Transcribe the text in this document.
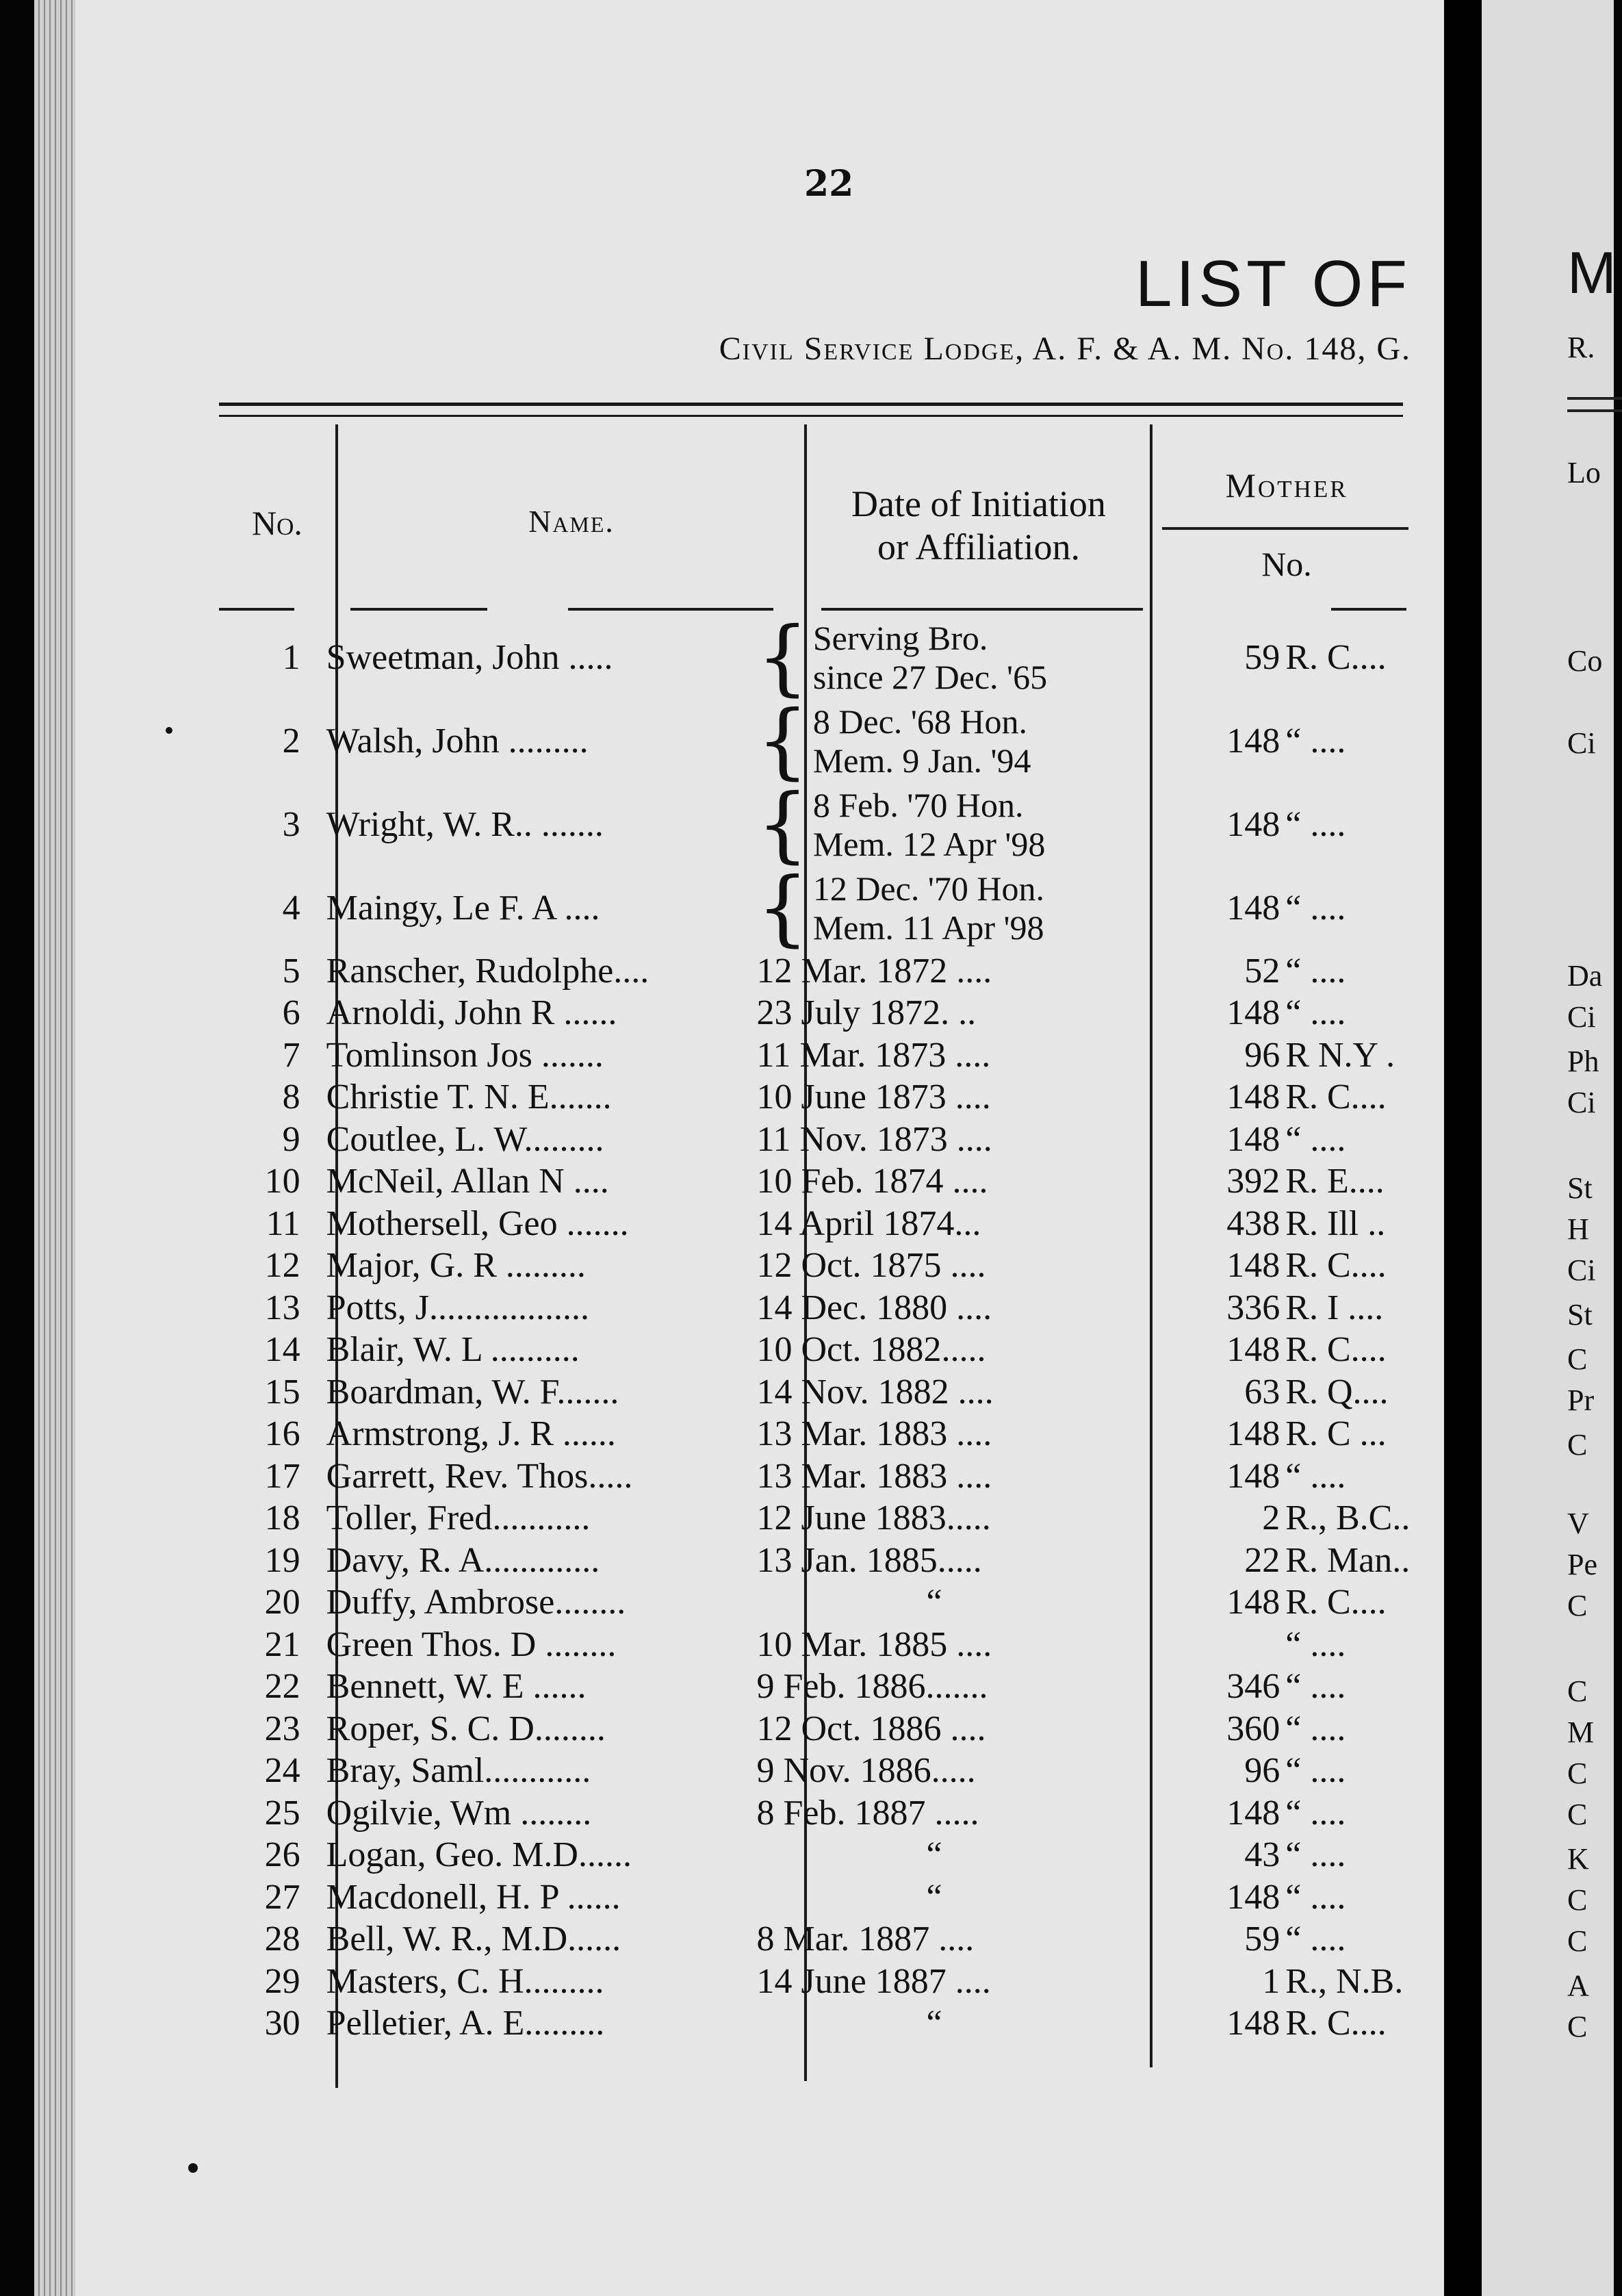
22
LIST OF
Civil Service Lodge, A. F. & A. M. No. 148, G.
No.	Name.	Date of Initiation
or Affiliation.
Mother
No.
1	Sweetman, John .....	{ Serving Bro.
since 27 Dec. '65	59	R. C....
2	Walsh, John .........	{ 8 Dec. '68 Hon.
Mem. 9 Jan. '94	148	“ ....
3	Wright, W. R.. .......	{ 8 Feb. '70 Hon.
Mem. 12 Apr '98	148	“ ....
4	Maingy, Le F. A ....	{ 12 Dec. '70 Hon.
Mem. 11 Apr '98	148	“ ....
5	Ranscher, Rudolphe....	12 Mar. 1872 ....	52	“ ....
6	Arnoldi, John R ......	23 July 1872. ..	148	“ ....
7	Tomlinson Jos .......	11 Mar. 1873 ....	96	R N.Y .
8	Christie T. N. E.......	10 June 1873 ....	148	R. C....
9	Coutlee, L. W.........	11 Nov. 1873 ....	148	“ ....
10	McNeil, Allan N ....	10 Feb. 1874 ....	392	R. E....
11	Mothersell, Geo .......	14 April 1874...	438	R. Ill ..
12	Major, G. R .........	12 Oct. 1875 ....	148	R. C....
13	Potts, J..................	14 Dec. 1880 ....	336	R. I ....
14	Blair, W. L ..........	10 Oct. 1882.....	148	R. C....
15	Boardman, W. F.......	14 Nov. 1882 ....	63	R. Q....
16	Armstrong, J. R ......	13 Mar. 1883 ....	148	R. C ...
17	Garrett, Rev. Thos.....	13 Mar. 1883 ....	148	“ ....
18	Toller, Fred...........	12 June 1883.....	2	R., B.C..
19	Davy, R. A.............	13 Jan. 1885.....	22	R. Man..
20	Duffy, Ambrose........	“	148	R. C....
21	Green Thos. D ........	10 Mar. 1885 ....		“ ....
22	Bennett, W. E ......	9 Feb. 1886.......	346	“ ....
23	Roper, S. C. D........	12 Oct. 1886 ....	360	“ ....
24	Bray, Saml............	9 Nov. 1886.....	96	“ ....
25	Ogilvie, Wm ........	8 Feb. 1887 .....	148	“ ....
26	Logan, Geo. M.D......	“	43	“ ....
27	Macdonell, H. P ......	“	148	“ ....
28	Bell, W. R., M.D......	8 Mar. 1887 ....	59	“ ....
29	Masters, C. H.........	14 June 1887 ....	1	R., N.B.
30	Pelletier, A. E.........	“	148	R. C....
M
R.
Lo
Co
Ci
Da
Ci
Ph
Ci
St
H
Ci
St
C
Pr
C
V
Pe
C
C
M
C
C
K
C
C
A
C
